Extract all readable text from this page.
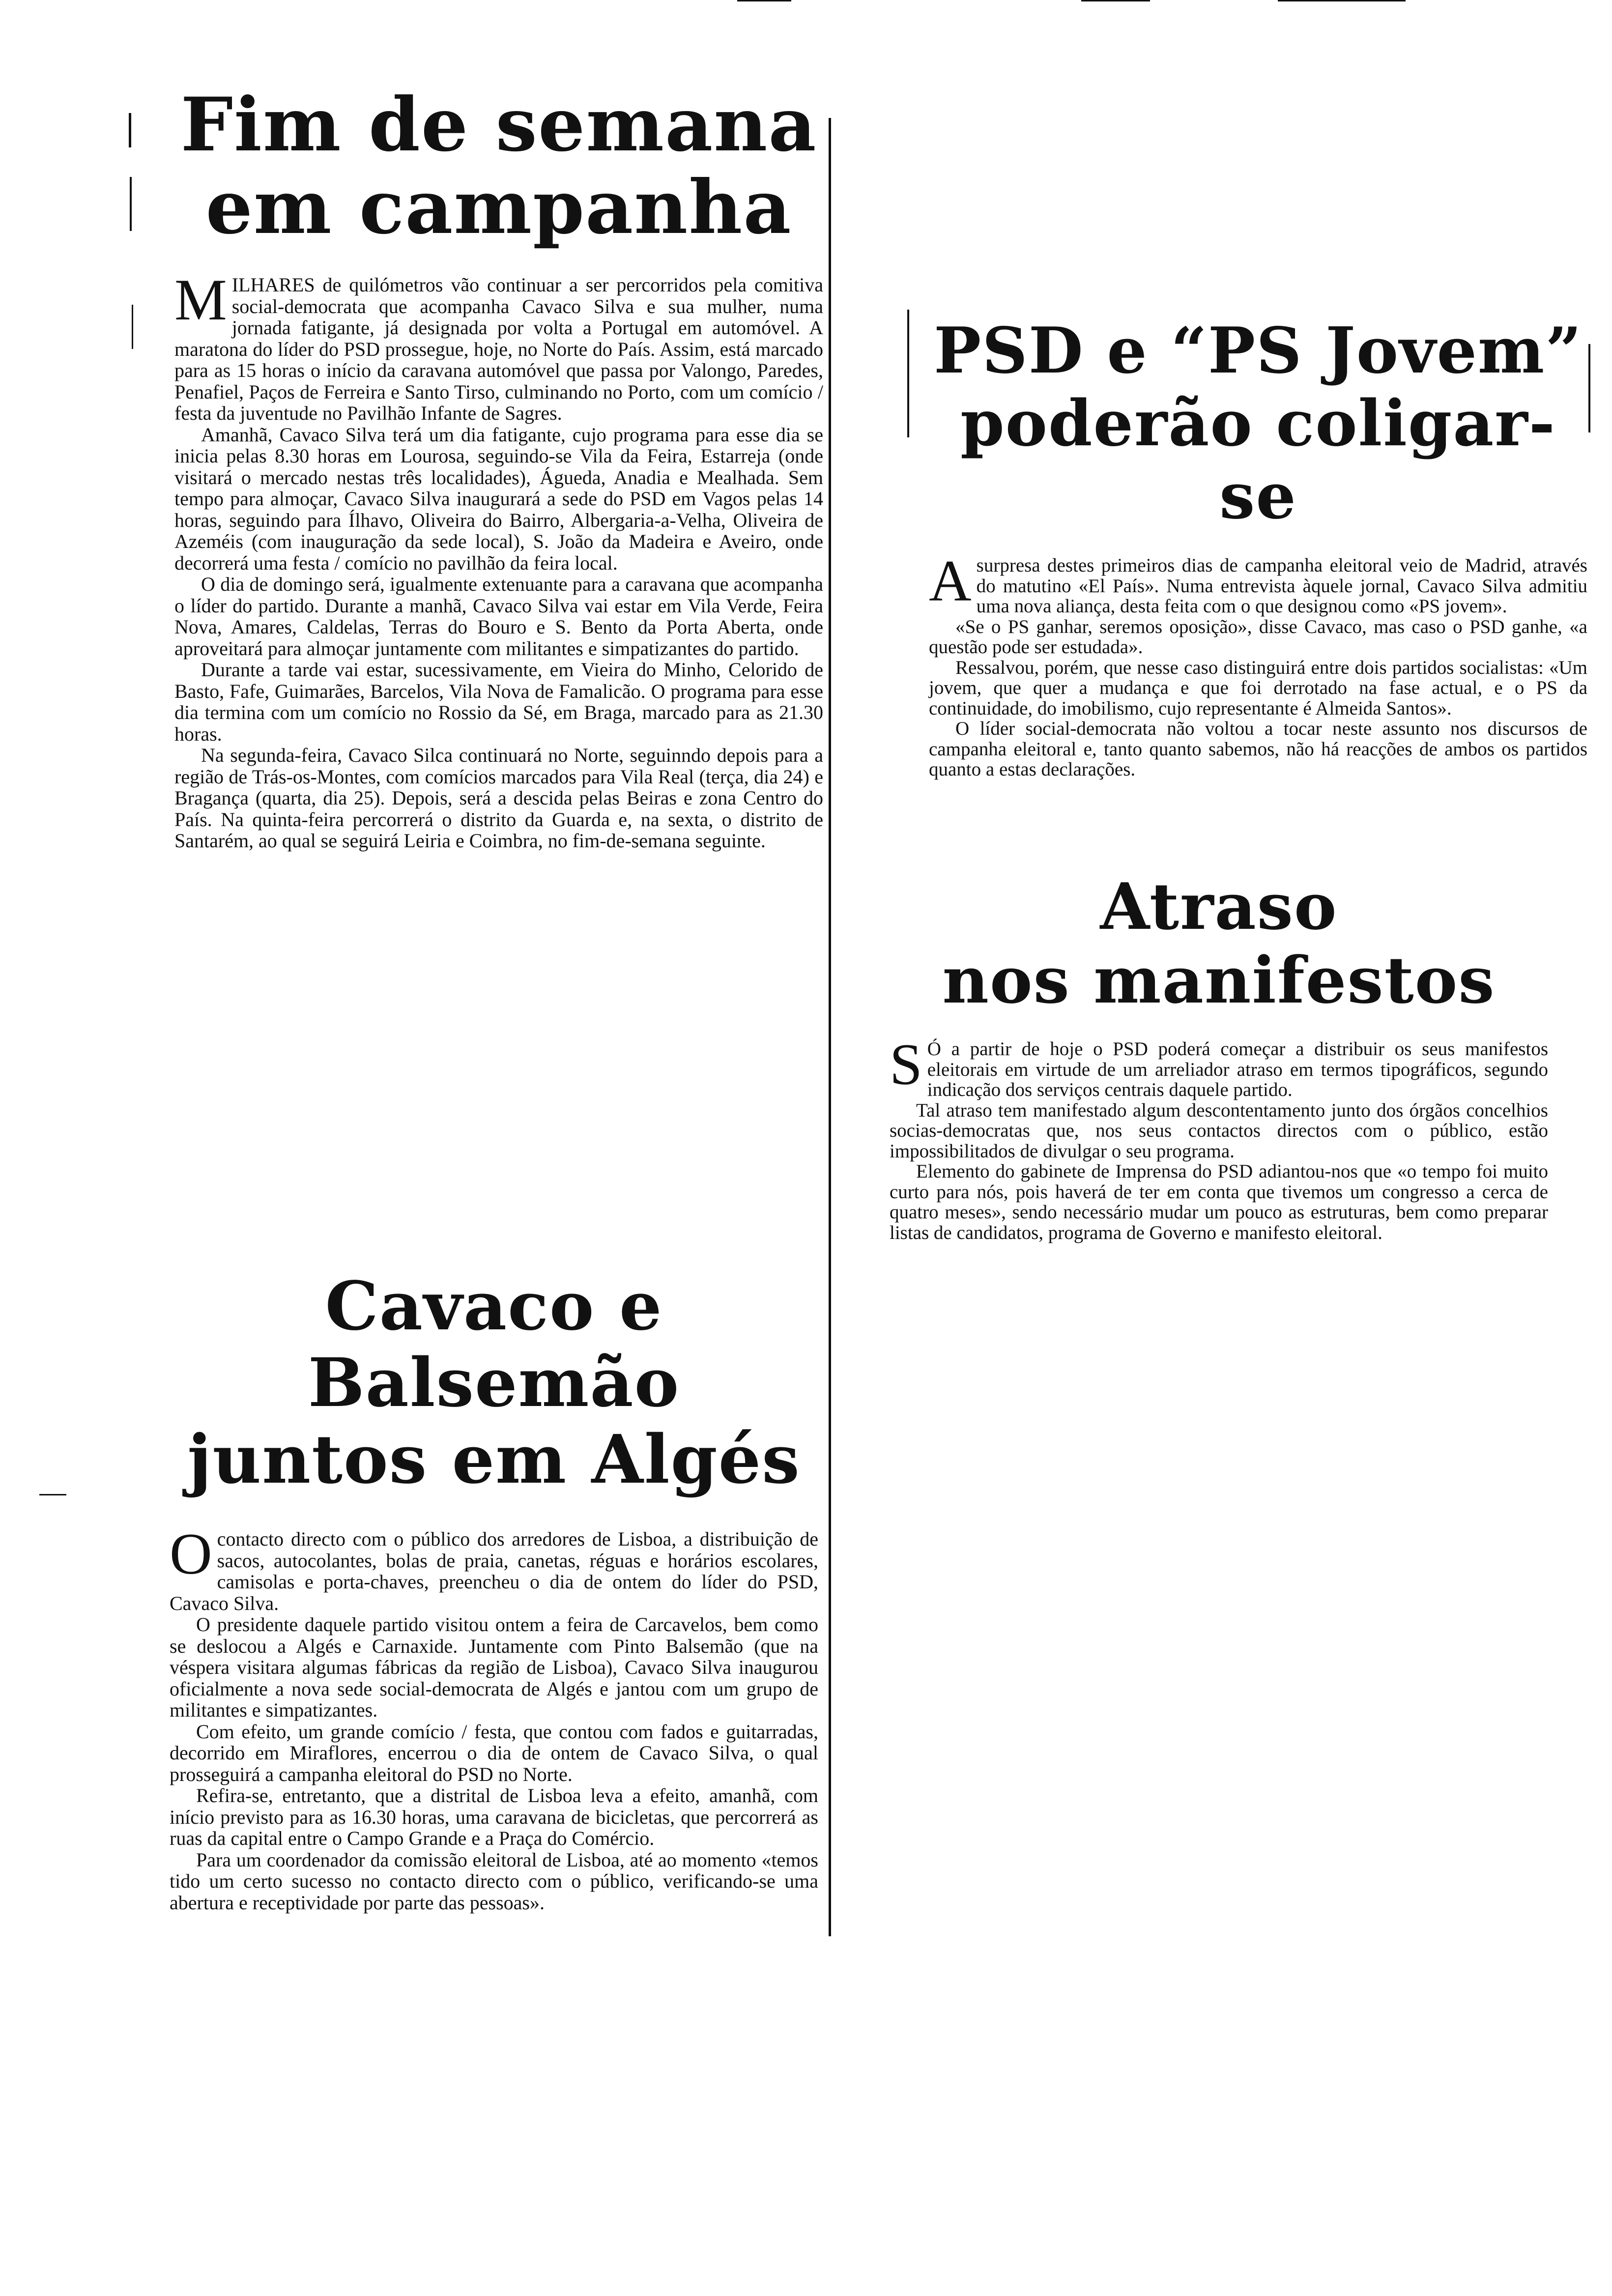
Fim de semana
em campanha

MILHARES de quilómetros vão continuar a ser percorridos pela comitiva social-democrata que acompanha Cavaco Silva e sua mulher, numa jornada fatigante, já designada por volta a Portugal em automóvel. A maratona do líder do PSD prossegue, hoje, no Norte do País. Assim, está marcado para as 15 horas o início da caravana automóvel que passa por Valongo, Paredes, Penafiel, Paços de Ferreira e Santo Tirso, culminando no Porto, com um comício / festa da juventude no Pavilhão Infante de Sagres.

Amanhã, Cavaco Silva terá um dia fatigante, cujo programa para esse dia se inicia pelas 8.30 horas em Lourosa, seguindo-se Vila da Feira, Estarreja (onde visitará o mercado nestas três localidades), Águeda, Anadia e Mealhada. Sem tempo para almoçar, Cavaco Silva inaugurará a sede do PSD em Vagos pelas 14 horas, seguindo para Ílhavo, Oliveira do Bairro, Albergaria-a-Velha, Oliveira de Azeméis (com inauguração da sede local), S. João da Madeira e Aveiro, onde decorrerá uma festa / comício no pavilhão da feira local.

O dia de domingo será, igualmente extenuante para a caravana que acompanha o líder do partido. Durante a manhã, Cavaco Silva vai estar em Vila Verde, Feira Nova, Amares, Caldelas, Terras do Bouro e S. Bento da Porta Aberta, onde aproveitará para almoçar juntamente com militantes e simpatizantes do partido.

Durante a tarde vai estar, sucessivamente, em Vieira do Minho, Celorido de Basto, Fafe, Guimarães, Barcelos, Vila Nova de Famalicão. O programa para esse dia termina com um comício no Rossio da Sé, em Braga, marcado para as 21.30 horas.

Na segunda-feira, Cavaco Silca continuará no Norte, seguinndo depois para a região de Trás-os-Montes, com comícios marcados para Vila Real (terça, dia 24) e Bragança (quarta, dia 25). Depois, será a descida pelas Beiras e zona Centro do País. Na quinta-feira percorrerá o distrito da Guarda e, na sexta, o distrito de Santarém, ao qual se seguirá Leiria e Coimbra, no fim-de-semana seguinte.

Cavaco e Balsemão
juntos em Algés

Ocontacto directo com o público dos arredores de Lisboa, a distribuição de sacos, autocolantes, bolas de praia, canetas, réguas e horários escolares, camisolas e porta-chaves, preencheu o dia de ontem do líder do PSD, Cavaco Silva.

O presidente daquele partido visitou ontem a feira de Carcavelos, bem como se deslocou a Algés e Carnaxide. Juntamente com Pinto Balsemão (que na véspera visitara algumas fábricas da região de Lisboa), Cavaco Silva inaugurou oficialmente a nova sede social-democrata de Algés e jantou com um grupo de militantes e simpatizantes.

Com efeito, um grande comício / festa, que contou com fados e guitarradas, decorrido em Miraflores, encerrou o dia de ontem de Cavaco Silva, o qual prosseguirá a campanha eleitoral do PSD no Norte.

Refira-se, entretanto, que a distrital de Lisboa leva a efeito, amanhã, com início previsto para as 16.30 horas, uma caravana de bicicletas, que percorrerá as ruas da capital entre o Campo Grande e a Praça do Comércio.

Para um coordenador da comissão eleitoral de Lisboa, até ao momento «temos tido um certo sucesso no contacto directo com o público, verificando-se uma abertura e receptividade por parte das pessoas».

PSD e “PS Jovem”
poderão coligar-se

Asurpresa destes primeiros dias de campanha eleitoral veio de Madrid, através do matutino «El País». Numa entrevista àquele jornal, Cavaco Silva admitiu uma nova aliança, desta feita com o que designou como «PS jovem».

«Se o PS ganhar, seremos oposição», disse Cavaco, mas caso o PSD ganhe, «a questão pode ser estudada».

Ressalvou, porém, que nesse caso distinguirá entre dois partidos socialistas: «Um jovem, que quer a mudança e que foi derrotado na fase actual, e o PS da continuidade, do imobilismo, cujo representante é Almeida Santos».

O líder social-democrata não voltou a tocar neste assunto nos discursos de campanha eleitoral e, tanto quanto sabemos, não há reacções de ambos os partidos quanto a estas declarações.

Atraso
nos manifestos

S Ó a partir de hoje o PSD poderá começar a distribuir os seus manifestos eleitorais em virtude de um arreliador atraso em termos tipográficos, segundo indicação dos serviços centrais daquele partido.

Tal atraso tem manifestado algum descontentamento junto dos órgãos concelhios socias-democratas que, nos seus contactos directos com o público, estão impossibilitados de divulgar o seu programa.

Elemento do gabinete de Imprensa do PSD adiantou-nos que «o tempo foi muito curto para nós, pois haverá de ter em conta que tivemos um congresso a cerca de quatro meses», sendo necessário mudar um pouco as estruturas, bem como preparar listas de candidatos, programa de Governo e manifesto eleitoral.
